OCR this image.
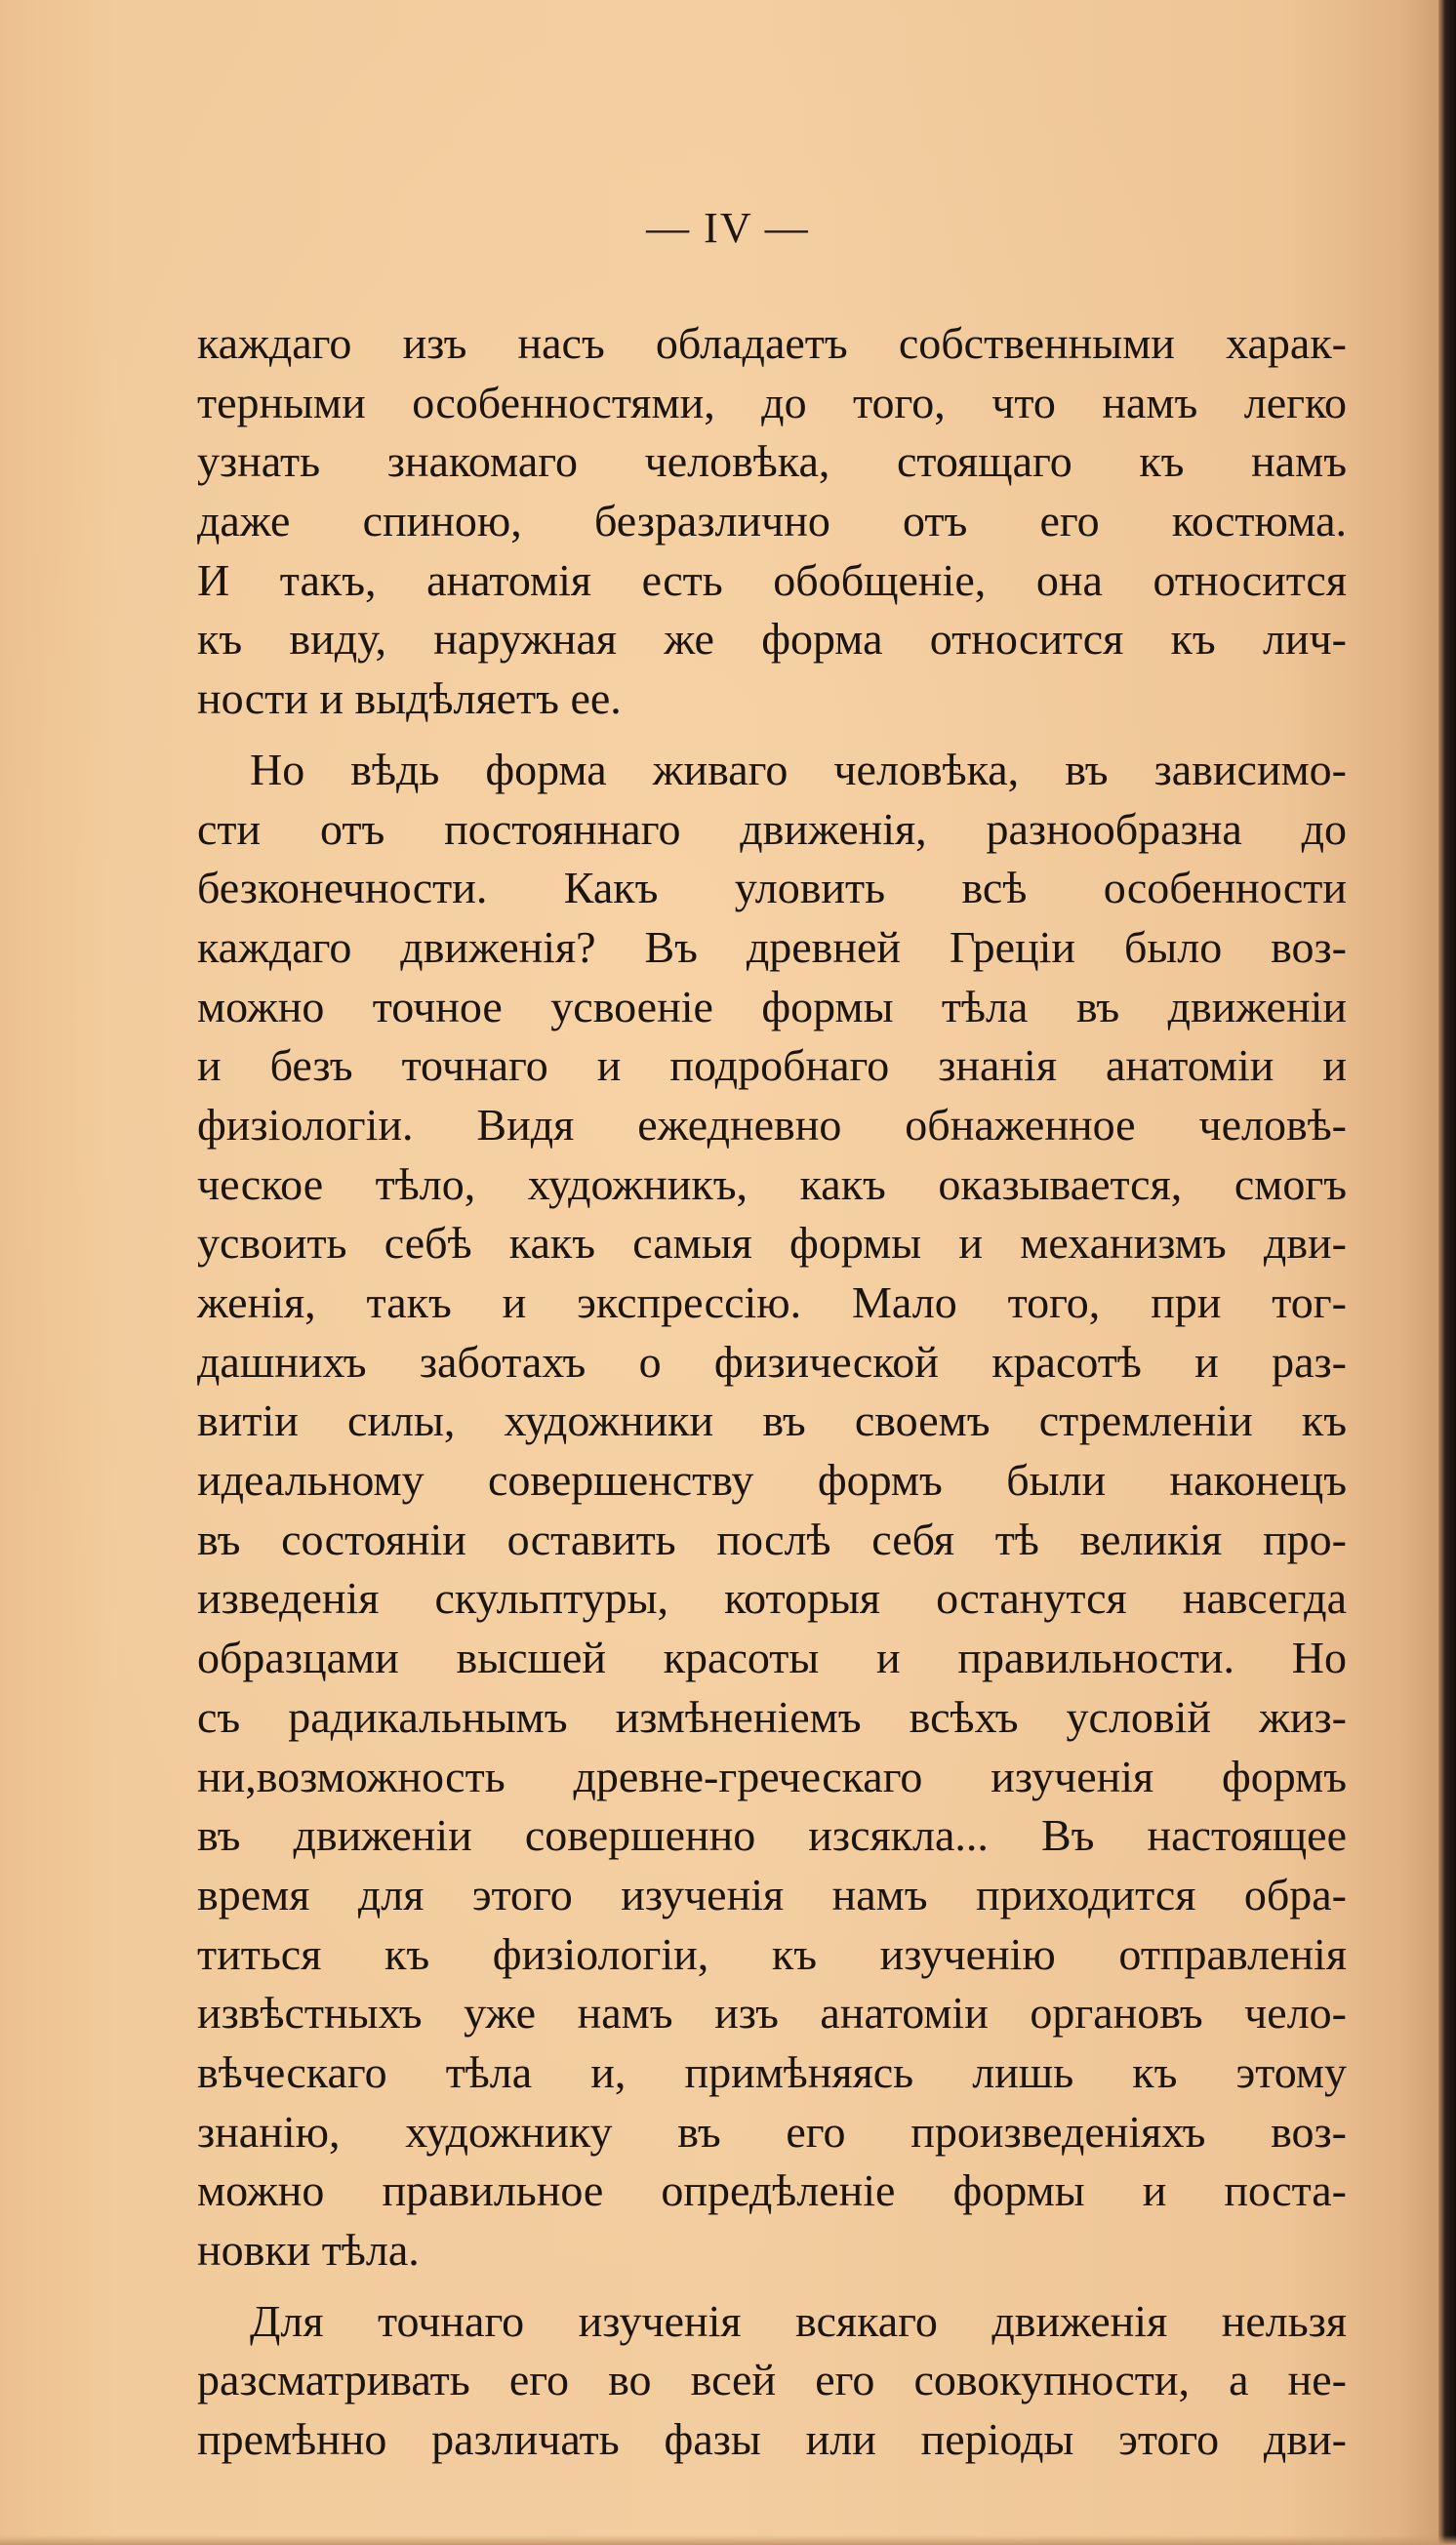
— IV —
каждаго изъ насъ обладаетъ собственными харак-
терными особенностями, до того, что намъ легко
узнать знакомаго человѣка, стоящаго къ намъ
даже спиною, безразлично отъ его костюма.
И такъ, анатомія есть обобщеніе, она относится
къ виду, наружная же форма относится къ лич-
ности и выдѣляетъ ее.
Но вѣдь форма живаго человѣка, въ зависимо-
сти отъ постояннаго движенія, разнообразна до
безконечности. Какъ уловить всѣ особенности
каждаго движенія? Въ древней Греціи было воз-
можно точное усвоеніе формы тѣла въ движеніи
и безъ точнаго и подробнаго знанія анатоміи и
физіологіи. Видя ежедневно обнаженное человѣ-
ческое тѣло, художникъ, какъ оказывается, смогъ
усвоить себѣ какъ самыя формы и механизмъ дви-
женія, такъ и экспрессію. Мало того, при тог-
дашнихъ заботахъ о физической красотѣ и раз-
витіи силы, художники въ своемъ стремленіи къ
идеальному совершенству формъ были наконецъ
въ состояніи оставить послѣ себя тѣ великія про-
изведенія скульптуры, которыя останутся навсегда
образцами высшей красоты и правильности. Но
съ радикальнымъ измѣненіемъ всѣхъ условій жиз-
ни,возможность древне-греческаго изученія формъ
въ движеніи совершенно изсякла... Въ настоящее
время для этого изученія намъ приходится обра-
титься къ физіологіи, къ изученію отправленія
извѣстныхъ уже намъ изъ анатоміи органовъ чело-
вѣческаго тѣла и, примѣняясь лишь къ этому
знанію, художнику въ его произведеніяхъ воз-
можно правильное опредѣленіе формы и поста-
новки тѣла.
Для точнаго изученія всякаго движенія нельзя
разсматривать его во всей его совокупности, а не-
премѣнно различать фазы или періоды этого дви-
